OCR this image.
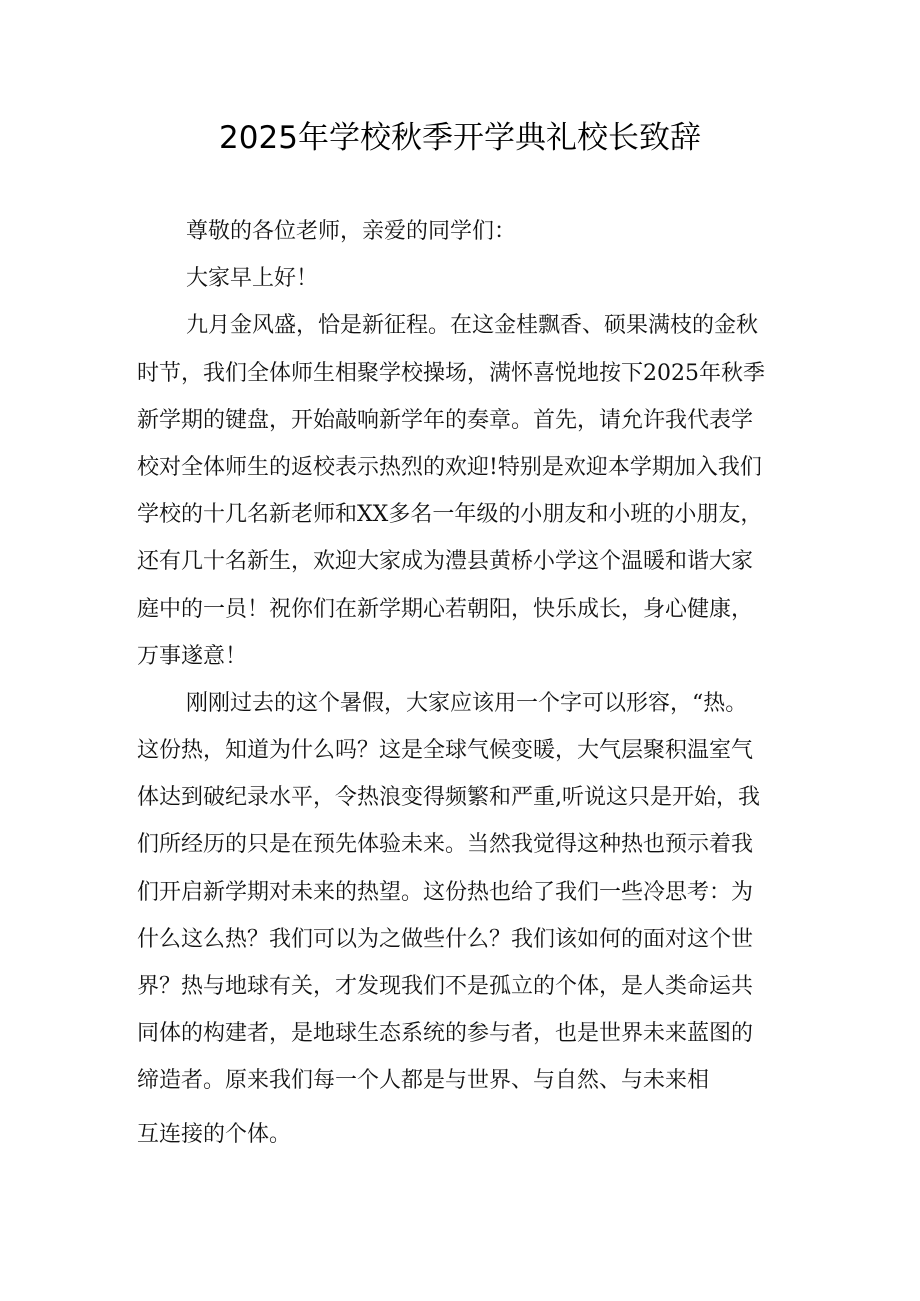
2025年学校秋季开学典礼校长致辞
尊敬的各位老师，亲爱的同学们：
大家早上好！
九月金风盛，恰是新征程。在这金桂飘香、硕果满枝的金秋
时节，我们全体师生相聚学校操场，满怀喜悦地按下2025年秋季
新学期的键盘，开始敲响新学年的奏章。首先，请允许我代表学
校对全体师生的返校表示热烈的欢迎!特别是欢迎本学期加入我们
学校的十几名新老师和XX多名一年级的小朋友和小班的小朋友，
还有几十名新生，欢迎大家成为澧县黄桥小学这个温暖和谐大家
庭中的一员！祝你们在新学期心若朝阳，快乐成长，身心健康，
万事遂意！
刚刚过去的这个暑假，大家应该用一个字可以形容，“热。
这份热，知道为什么吗？这是全球气候变暖，大气层聚积温室气
体达到破纪录水平，令热浪变得频繁和严重,听说这只是开始，我
们所经历的只是在预先体验未来。当然我觉得这种热也预示着我
们开启新学期对未来的热望。这份热也给了我们一些冷思考：为
什么这么热？我们可以为之做些什么？我们该如何的面对这个世
界？热与地球有关，才发现我们不是孤立的个体，是人类命运共
同体的构建者，是地球生态系统的参与者，也是世界未来蓝图的
缔造者。原来我们每一个人都是与世界、与自然、与未来相
互连接的个体。
